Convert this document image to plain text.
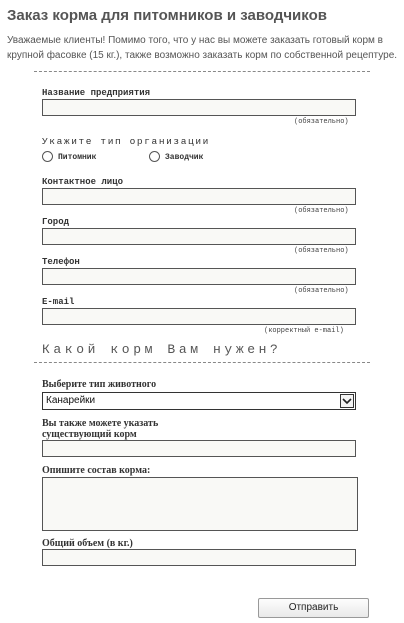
Заказ корма для питомников и заводчиков
Уважаемые клиенты! Помимо того, что у нас вы можете заказать готовый корм в крупной фасовке (15 кг.), также возможно заказать корм по собственной рецептуре.
Название предприятия
(обязательно)
Укажите тип организации
Питомник	Заводчик
Контактное лицо
(обязательно)
Город
(обязательно)
Телефон
(обязательно)
E-mail
(корректный e-mail)
Какой корм Вам нужен?
Выберите тип животного
Канарейки
Вы также можете указать
существующий корм
Опишите состав корма:
Общий объем (в кг.)
Отправить
